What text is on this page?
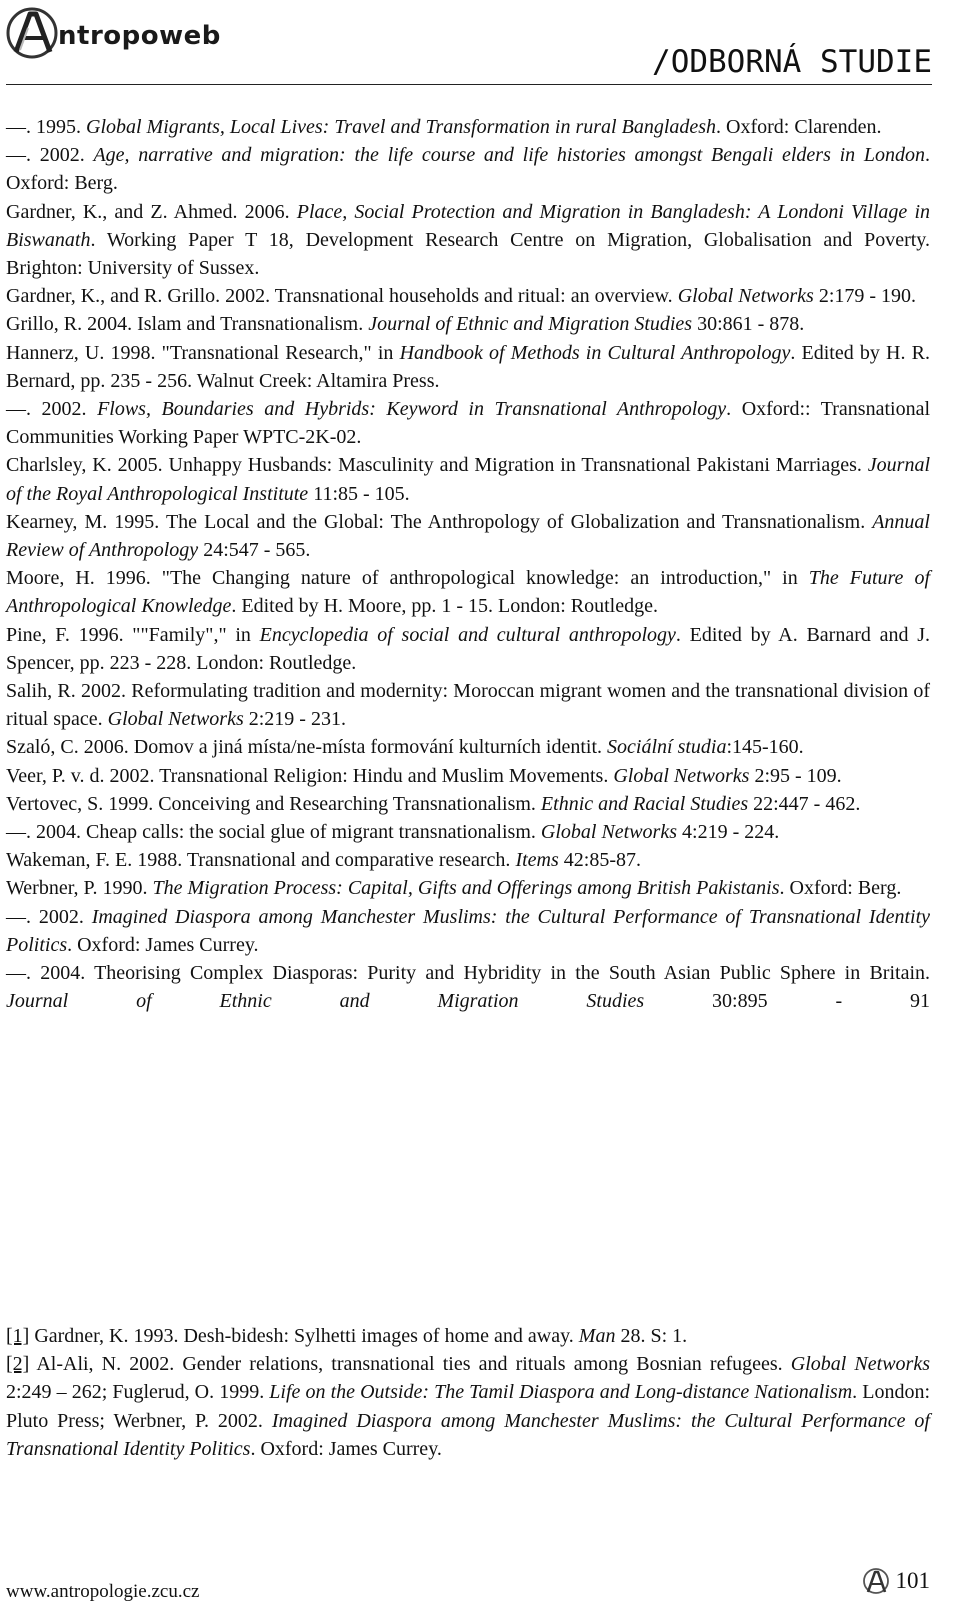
ntropoweb
/ODBORNÁ STUDIE

—. 1995. Global Migrants, Local Lives: Travel and Transformation in rural Bangladesh. Oxford: Clarenden.

—. 2002. Age, narrative and migration: the life course and life histories amongst Bengali elders in London. Oxford: Berg.

Gardner, K., and Z. Ahmed. 2006. Place, Social Protection and Migration in Bangladesh: A Londoni Village in Biswanath. Working Paper T 18, Development Research Centre on Migration, Globalisation and Poverty. Brighton: University of Sussex.

Gardner, K., and R. Grillo. 2002. Transnational households and ritual: an overview. Global Networks 2:179 - 190.

Grillo, R. 2004. Islam and Transnationalism. Journal of Ethnic and Migration Studies 30:861 - 878.

Hannerz, U. 1998. "Transnational Research," in Handbook of Methods in Cultural Anthropology. Edited by H. R. Bernard, pp. 235 - 256. Walnut Creek: Altamira Press.

—. 2002. Flows, Boundaries and Hybrids: Keyword in Transnational Anthropology. Oxford:: Transnational Communities Working Paper WPTC-2K-02.

Charlsley, K. 2005. Unhappy Husbands: Masculinity and Migration in Transnational Pakistani Marriages. Journal of the Royal Anthropological Institute 11:85 - 105.

Kearney, M. 1995. The Local and the Global: The Anthropology of Globalization and Transnationalism. Annual Review of Anthropology 24:547 - 565.

Moore, H. 1996. "The Changing nature of anthropological knowledge: an introduction," in The Future of Anthropological Knowledge. Edited by H. Moore, pp. 1 - 15. London: Routledge.

Pine, F. 1996. ""Family"," in Encyclopedia of social and cultural anthropology. Edited by A. Barnard and J. Spencer, pp. 223 - 228. London: Routledge.

Salih, R. 2002. Reformulating tradition and modernity: Moroccan migrant women and the transnational division of ritual space. Global Networks 2:219 - 231.

Szaló, C. 2006. Domov a jiná místa/ne-místa formování kulturních identit. Sociální studia:145-160.

Veer, P. v. d. 2002. Transnational Religion: Hindu and Muslim Movements. Global Networks 2:95 - 109.

Vertovec, S. 1999. Conceiving and Researching Transnationalism. Ethnic and Racial Studies 22:447 - 462.

—. 2004. Cheap calls: the social glue of migrant transnationalism. Global Networks 4:219 - 224.

Wakeman, F. E. 1988. Transnational and comparative research. Items 42:85-87.

Werbner, P. 1990. The Migration Process: Capital, Gifts and Offerings among British Pakistanis. Oxford: Berg.

—. 2002. Imagined Diaspora among Manchester Muslims: the Cultural Performance of Transnational Identity Politics. Oxford: James Currey.

—. 2004. Theorising Complex Diasporas: Purity and Hybridity in the South Asian Public Sphere in Britain. Journal of Ethnic and Migration Studies 30:895 - 91

[1] Gardner, K. 1993. Desh-bidesh: Sylhetti images of home and away. Man 28. S: 1.

[2] Al-Ali, N. 2002. Gender relations, transnational ties and rituals among Bosnian refugees. Global Networks 2:249 – 262; Fuglerud, O. 1999. Life on the Outside: The Tamil Diaspora and Long-distance Nationalism. London: Pluto Press; Werbner, P. 2002. Imagined Diaspora among Manchester Muslims: the Cultural Performance of Transnational Identity Politics. Oxford: James Currey.

www.antropologie.zcu.cz	101
